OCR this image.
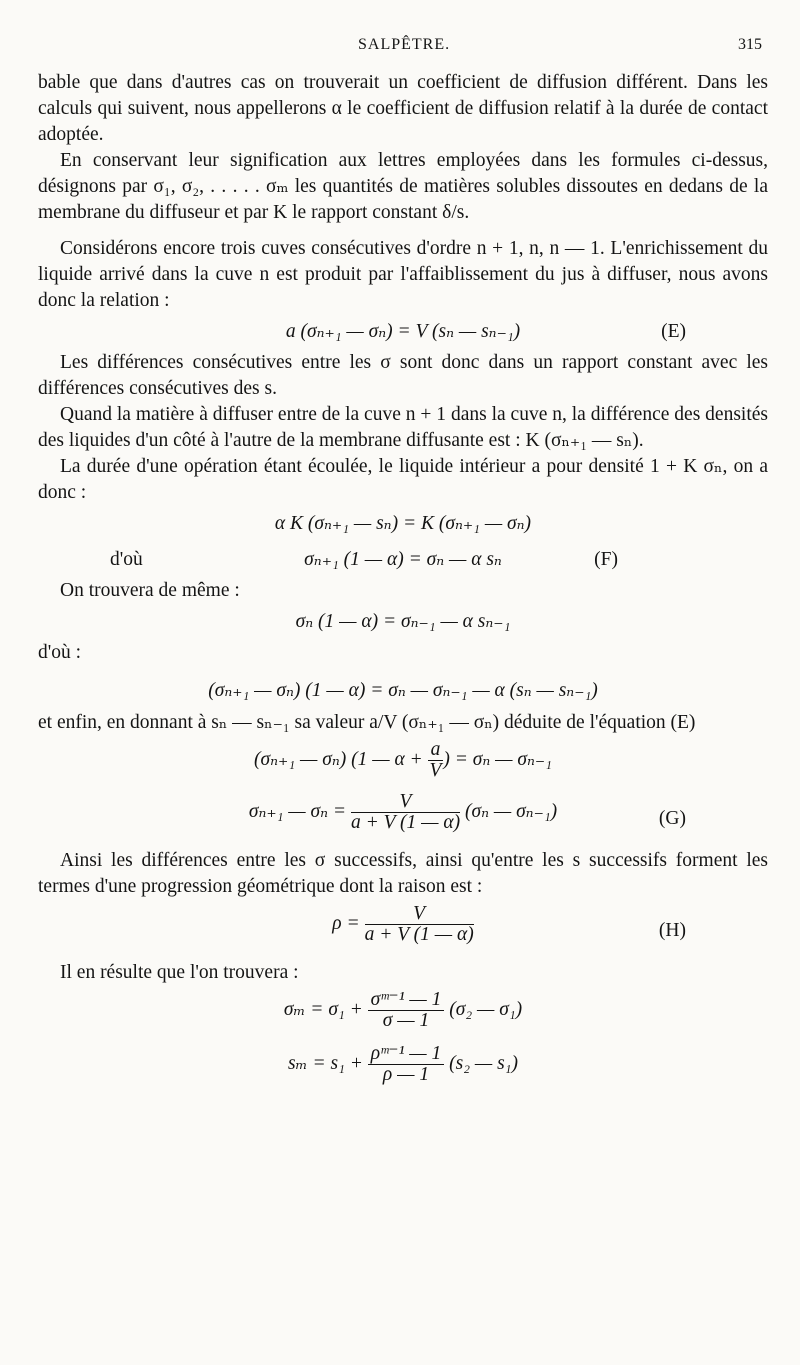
SALPÊTRE.	315

bable que dans d'autres cas on trouverait un coefficient de diffusion différent. Dans les calculs qui suivent, nous appellerons α le coefficient de diffusion relatif à la durée de contact adoptée.

En conservant leur signification aux lettres employées dans les formules ci-dessus, désignons par σ₁, σ₂, . . . . . σₘ les quantités de matières solubles dissoutes en dedans de la membrane du diffuseur et par K le rapport constant δ/s.

Considérons encore trois cuves consécutives d'ordre n + 1, n, n — 1. L'enrichissement du liquide arrivé dans la cuve n est produit par l'affaiblissement du jus à diffuser, nous avons donc la relation :

a (σₙ₊₁ — σₙ) = V (sₙ — sₙ₋₁)	(E)

Les différences consécutives entre les σ sont donc dans un rapport constant avec les différences consécutives des s.

Quand la matière à diffuser entre de la cuve n + 1 dans la cuve n, la différence des densités des liquides d'un côté à l'autre de la membrane diffusante est : K (σₙ₊₁ — sₙ).

La durée d'une opération étant écoulée, le liquide intérieur a pour densité 1 + K σₙ, on a donc :

α K (σₙ₊₁ — sₙ) = K (σₙ₊₁ — σₙ)
d'où	σₙ₊₁ (1 — α) = σₙ — α sₙ	(F)

On trouvera de même :

σₙ (1 — α) = σₙ₋₁ — α sₙ₋₁

d'où :

(σₙ₊₁ — σₙ) (1 — α) = σₙ — σₙ₋₁ — α (sₙ — sₙ₋₁)

et enfin, en donnant à sₙ — sₙ₋₁ sa valeur a/V (σₙ₊₁ — σₙ) déduite de l'équation (E)

(σₙ₊₁ — σₙ) (1 — $\alpha + \frac{a}{V}$ ) = σₙ — σₙ₋₁
σₙ₊₁ — $\sigma_n = \frac{V}{a + V (1 — \alpha)} (\sigma_n$ — σₙ₋₁)	(G)

Ainsi les différences entre les σ successifs, ainsi qu'entre les s successifs forment les termes d'une progression géométrique dont la raison est :

$\rho = \frac{V}{a + V (1 — \alpha)}$	(H)

Il en résulte que l'on trouvera :

$\sigma_m = \sigma_1 + \frac{\text{σᵐ⁻¹ — 1}}{\sigma — 1} (\sigma_2$ — σ₁)
$s_m = s_1 + \frac{\text{ρᵐ⁻¹ — 1}}{\rho — 1} (s_2$ — s₁)
